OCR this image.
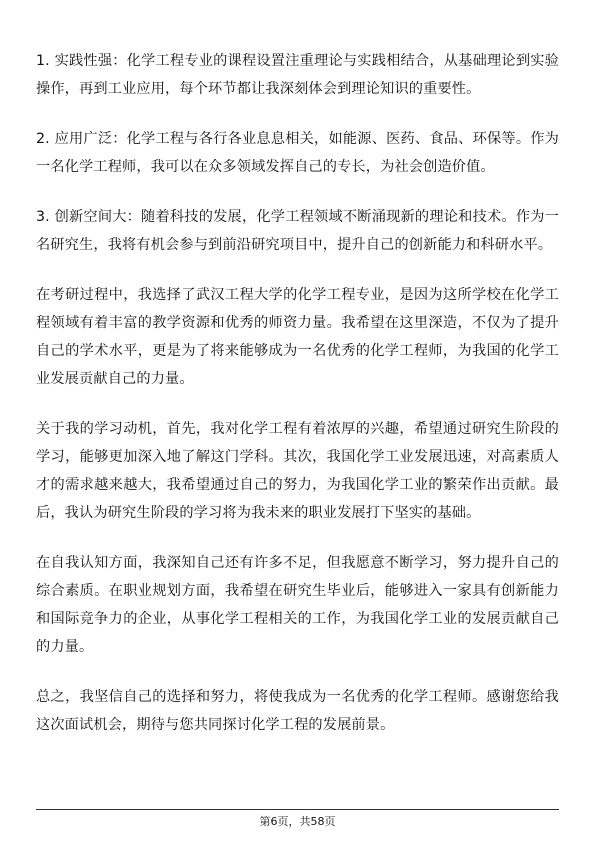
1. 实践性强：化学工程专业的课程设置注重理论与实践相结合，从基础理论到实验操作，再到工业应用，每个环节都让我深刻体会到理论知识的重要性。

2. 应用广泛：化学工程与各行各业息息相关，如能源、医药、食品、环保等。作为一名化学工程师，我可以在众多领域发挥自己的专长，为社会创造价值。

3. 创新空间大：随着科技的发展，化学工程领域不断涌现新的理论和技术。作为一名研究生，我将有机会参与到前沿研究项目中，提升自己的创新能力和科研水平。

在考研过程中，我选择了武汉工程大学的化学工程专业，是因为这所学校在化学工程领域有着丰富的教学资源和优秀的师资力量。我希望在这里深造，不仅为了提升自己的学术水平，更是为了将来能够成为一名优秀的化学工程师，为我国的化学工业发展贡献自己的力量。

关于我的学习动机，首先，我对化学工程有着浓厚的兴趣，希望通过研究生阶段的学习，能够更加深入地了解这门学科。其次，我国化学工业发展迅速，对高素质人才的需求越来越大，我希望通过自己的努力，为我国化学工业的繁荣作出贡献。最后，我认为研究生阶段的学习将为我未来的职业发展打下坚实的基础。

在自我认知方面，我深知自己还有许多不足，但我愿意不断学习，努力提升自己的综合素质。在职业规划方面，我希望在研究生毕业后，能够进入一家具有创新能力和国际竞争力的企业，从事化学工程相关的工作，为我国化学工业的发展贡献自己的力量。

总之，我坚信自己的选择和努力，将使我成为一名优秀的化学工程师。感谢您给我这次面试机会，期待与您共同探讨化学工程的发展前景。

第6页，共58页
